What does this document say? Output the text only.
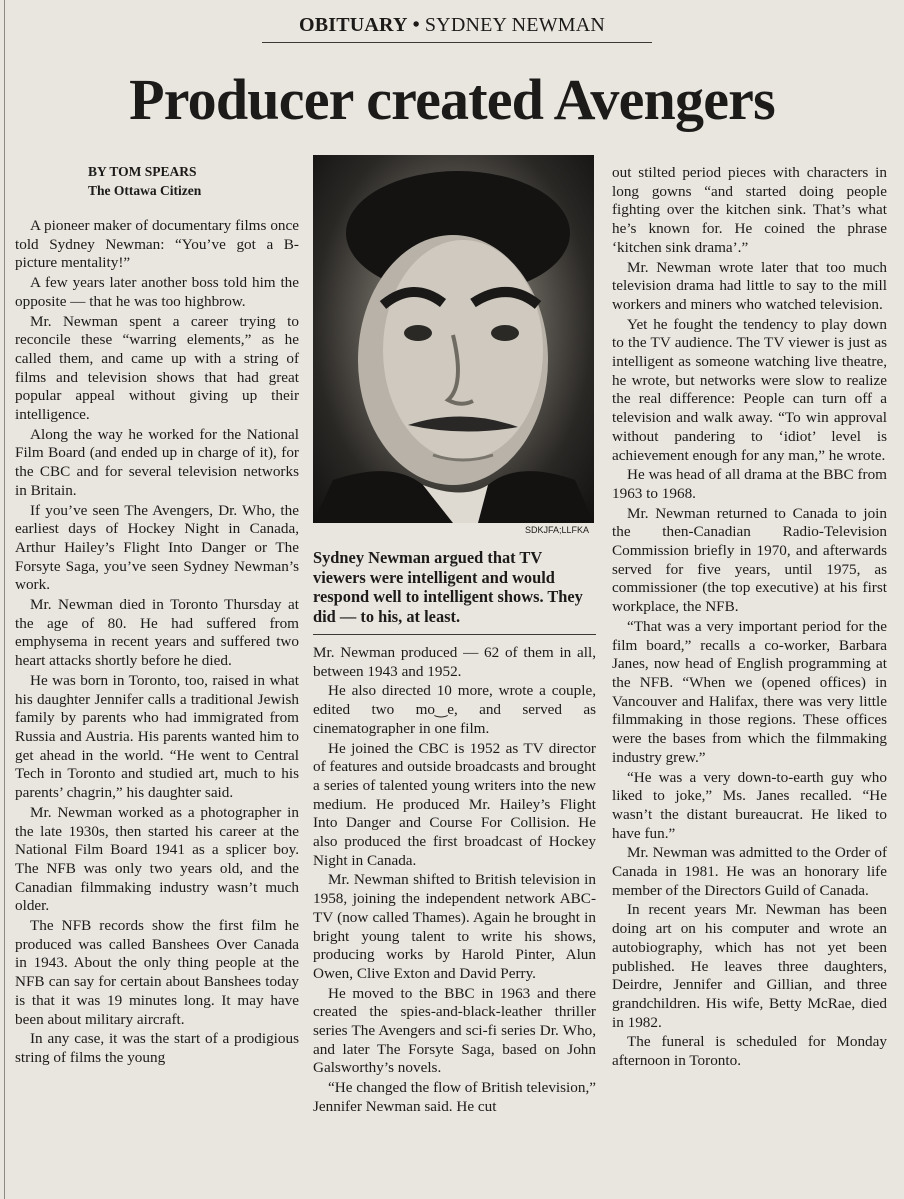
OBITUARY • SYDNEY NEWMAN
Producer created Avengers
BY TOM SPEARS
The Ottawa Citizen

A pioneer maker of documentary films once told Sydney Newman: “You’ve got a B-picture mentality!”

A few years later another boss told him the opposite — that he was too highbrow.

Mr. Newman spent a career trying to reconcile these “warring elements,” as he called them, and came up with a string of films and television shows that had great popular appeal without giving up their intelligence.

Along the way he worked for the National Film Board (and ended up in charge of it), for the CBC and for several television networks in Britain.

If you’ve seen The Avengers, Dr. Who, the earliest days of Hockey Night in Canada, Arthur Hailey’s Flight Into Danger or The Forsyte Saga, you’ve seen Sydney Newman’s work.

Mr. Newman died in Toronto Thursday at the age of 80. He had suffered from emphysema in recent years and suffered two heart attacks shortly before he died.

He was born in Toronto, too, raised in what his daughter Jennifer calls a traditional Jewish family by parents who had immigrated from Russia and Austria. His parents wanted him to get ahead in the world. “He went to Central Tech in Toronto and studied art, much to his parents’ chagrin,” his daughter said.

Mr. Newman worked as a photographer in the late 1930s, then started his career at the National Film Board 1941 as a splicer boy. The NFB was only two years old, and the Canadian filmmaking industry wasn’t much older.

The NFB records show the first film he produced was called Banshees Over Canada in 1943. About the only thing people at the NFB can say for certain about Banshees today is that it was 19 minutes long. It may have been about military aircraft.

In any case, it was the start of a prodigious string of films the young

SDKJFA;LLFKA
Sydney Newman argued that TV viewers were intelligent and would respond well to intelligent shows. They did — to his, at least.

Mr. Newman produced — 62 of them in all, between 1943 and 1952.

He also directed 10 more, wrote a couple, edited two mo‿e, and served as cinematographer in one film.

He joined the CBC is 1952 as TV director of features and outside broadcasts and brought a series of talented young writers into the new medium. He produced Mr. Hailey’s Flight Into Danger and Course For Collision. He also produced the first broadcast of Hockey Night in Canada.

Mr. Newman shifted to British television in 1958, joining the independent network ABC-TV (now called Thames). Again he brought in bright young talent to write his shows, producing works by Harold Pinter, Alun Owen, Clive Exton and David Perry.

He moved to the BBC in 1963 and there created the spies-and-black-leather thriller series The Avengers and sci-fi series Dr. Who, and later The Forsyte Saga, based on John Galsworthy’s novels.

“He changed the flow of British television,” Jennifer Newman said. He cut

out stilted period pieces with characters in long gowns “and started doing people fighting over the kitchen sink. That’s what he’s known for. He coined the phrase ‘kitchen sink drama’.”

Mr. Newman wrote later that too much television drama had little to say to the mill workers and miners who watched television.

Yet he fought the tendency to play down to the TV audience. The TV viewer is just as intelligent as someone watching live theatre, he wrote, but networks were slow to realize the real difference: People can turn off a television and walk away. “To win approval without pandering to ‘idiot’ level is achievement enough for any man,” he wrote.

He was head of all drama at the BBC from 1963 to 1968.

Mr. Newman returned to Canada to join the then-Canadian Radio-Television Commission briefly in 1970, and afterwards served for five years, until 1975, as commissioner (the top executive) at his first workplace, the NFB.

“That was a very important period for the film board,” recalls a co-worker, Barbara Janes, now head of English programming at the NFB. “When we (opened offices) in Vancouver and Halifax, there was very little filmmaking in those regions. These offices were the bases from which the filmmaking industry grew.”

“He was a very down-to-earth guy who liked to joke,” Ms. Janes recalled. “He wasn’t the distant bureaucrat. He liked to have fun.”

Mr. Newman was admitted to the Order of Canada in 1981. He was an honorary life member of the Directors Guild of Canada.

In recent years Mr. Newman has been doing art on his computer and wrote an autobiography, which has not yet been published. He leaves three daughters, Deirdre, Jennifer and Gillian, and three grandchildren. His wife, Betty McRae, died in 1982.

The funeral is scheduled for Monday afternoon in Toronto.
